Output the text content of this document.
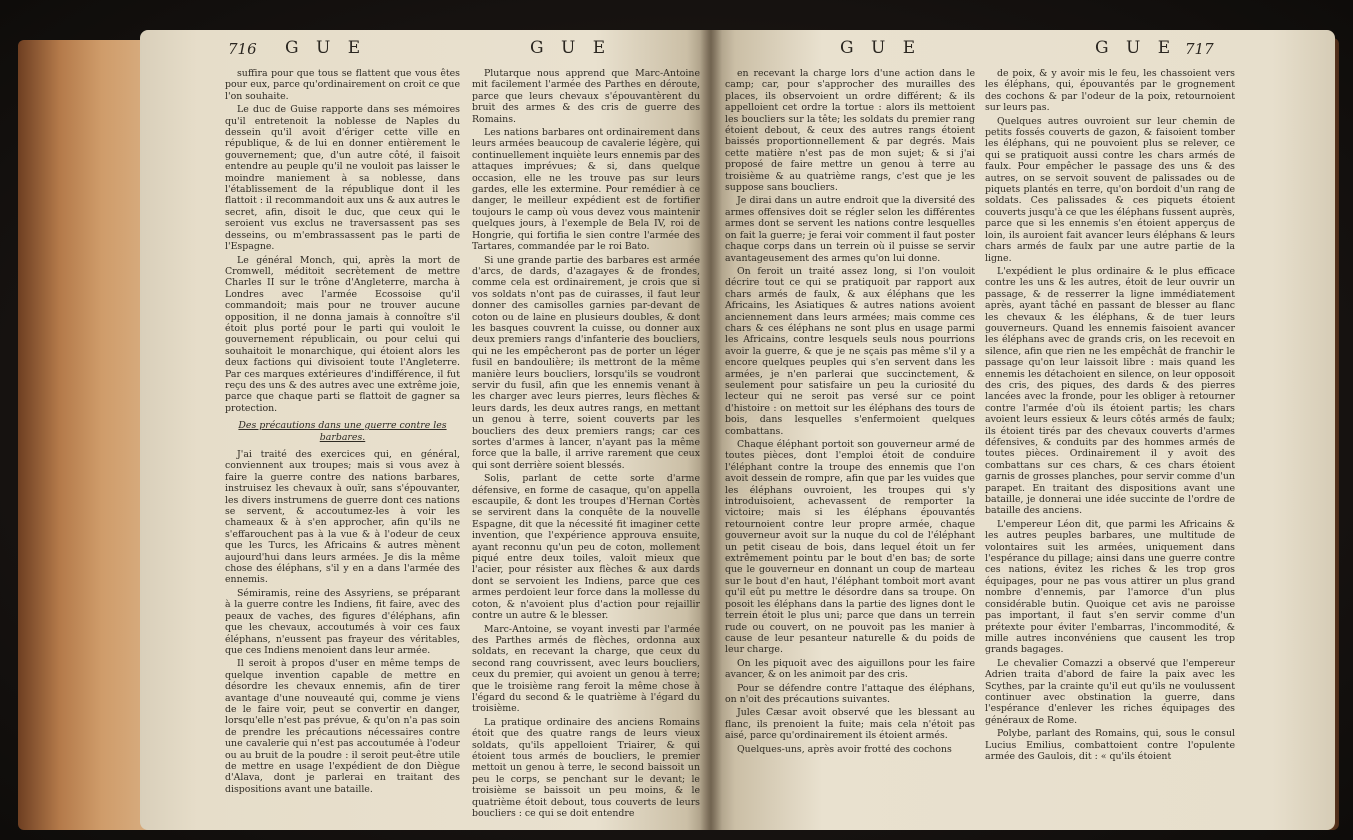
716 G U E	G U E	G U E	G U E 717

suffira pour que tous se flattent que vous êtes pour eux, parce qu'ordinairement on croit ce que l'on souhaite.

Le duc de Guise rapporte dans ses mémoires qu'il entretenoit la noblesse de Naples du dessein qu'il avoit d'ériger cette ville en république, & de lui en donner entièrement le gouvernement; que, d'un autre côté, il faisoit entendre au peuple qu'il ne vouloit pas laisser le moindre maniement à sa noblesse, dans l'établissement de la république dont il les flattoit : il recommandoit aux uns & aux autres le secret, afin, disoit le duc, que ceux qui le seroient vus exclus ne traversassent pas ses desseins, ou m'embrassassent pas le parti de l'Espagne.

Le général Monch, qui, après la mort de Cromwell, méditoit secrètement de mettre Charles II sur le trône d'Angleterre, marcha à Londres avec l'armée Ecossoise qu'il commandoit; mais pour ne trouver aucune opposition, il ne donna jamais à connoître s'il étoit plus porté pour le parti qui vouloit le gouvernement républicain, ou pour celui qui souhaitoit le monarchique, qui étoient alors les deux factions qui divisoient toute l'Angleterre. Par ces marques extérieures d'indifférence, il fut reçu des uns & des autres avec une extrême joie, parce que chaque parti se flattoit de gagner sa protection.

Des précautions dans une guerre contre les barbares.

J'ai traité des exercices qui, en général, conviennent aux troupes; mais si vous avez à faire la guerre contre des nations barbares, instruisez les chevaux à ouïr, sans s'épouvanter, les divers instrumens de guerre dont ces nations se servent, & accoutumez-les à voir les chameaux & à s'en approcher, afin qu'ils ne s'effarouchent pas à la vue & à l'odeur de ceux que les Turcs, les Africains & autres mènent aujourd'hui dans leurs armées. Je dis la même chose des éléphans, s'il y en a dans l'armée des ennemis.

Sémiramis, reine des Assyriens, se préparant à la guerre contre les Indiens, fit faire, avec des peaux de vaches, des figures d'éléphans, afin que les chevaux, accoutumés à voir ces faux éléphans, n'eussent pas frayeur des véritables, que ces Indiens menoient dans leur armée.

Il seroit à propos d'user en même temps de quelque invention capable de mettre en désordre les chevaux ennemis, afin de tirer avantage d'une nouveauté qui, comme je viens de le faire voir, peut se convertir en danger, lorsqu'elle n'est pas prévue, & qu'on n'a pas soin de prendre les précautions nécessaires contre une cavalerie qui n'est pas accoutumée à l'odeur ou au bruit de la poudre : il seroit peut-être utile de mettre en usage l'expédient de don Diègue d'Alava, dont je parlerai en traitant des dispositions avant une bataille.

Plutarque nous apprend que Marc-Antoine mit facilement l'armée des Parthes en déroute, parce que leurs chevaux s'épouvantèrent du bruit des armes & des cris de guerre des Romains.

Les nations barbares ont ordinairement dans leurs armées beaucoup de cavalerie légère, qui continuellement inquiète leurs ennemis par des attaques imprévues; & si, dans quelque occasion, elle ne les trouve pas sur leurs gardes, elle les extermine. Pour remédier à ce danger, le meilleur expédient est de fortifier toujours le camp où vous devez vous maintenir quelques jours, à l'exemple de Bela IV, roi de Hongrie, qui fortifia le sien contre l'armée des Tartares, commandée par le roi Bato.

Si une grande partie des barbares est armée d'arcs, de dards, d'azagayes & de frondes, comme cela est ordinairement, je crois que si vos soldats n'ont pas de cuirasses, il faut leur donner des camisolles garnies par-devant de coton ou de laine en plusieurs doubles, & dont les basques couvrent la cuisse, ou donner aux deux premiers rangs d'infanterie des boucliers, qui ne les empêcheront pas de porter un léger fusil en bandoulière; ils mettront de la même manière leurs boucliers, lorsqu'ils se voudront servir du fusil, afin que les ennemis venant à les charger avec leurs pierres, leurs flèches & leurs dards, les deux autres rangs, en mettant un genou à terre, soient couverts par les boucliers des deux premiers rangs; car ces sortes d'armes à lancer, n'ayant pas la même force que la balle, il arrive rarement que ceux qui sont derrière soient blessés.

Solis, parlant de cette sorte d'arme défensive, en forme de casaque, qu'on appella escaupile, & dont les troupes d'Hernan Cortès se servirent dans la conquête de la nouvelle Espagne, dit que la nécessité fit imaginer cette invention, que l'expérience approuva ensuite, ayant reconnu qu'un peu de coton, mollement piqué entre deux toiles, valoit mieux que l'acier, pour résister aux flèches & aux dards dont se servoient les Indiens, parce que ces armes perdoient leur force dans la mollesse du coton, & n'avoient plus d'action pour rejaillir contre un autre & le blesser.

Marc-Antoine, se voyant investi par l'armée des Parthes armés de flèches, ordonna aux soldats, en recevant la charge, que ceux du second rang couvrissent, avec leurs boucliers, ceux du premier, qui avoient un genou à terre; que le troisième rang feroit la même chose à l'égard du second & le quatrième à l'égard du troisième.

La pratique ordinaire des anciens Romains étoit que des quatre rangs de leurs vieux soldats, qu'ils appelloient Triairer, & qui étoient tous armés de boucliers, le premier mettoit un genou à terre, le second baissoit un peu le corps, se penchant sur le devant; le troisième se baissoit un peu moins, & le quatrième étoit debout, tous couverts de leurs boucliers : ce qui se doit entendre

en recevant la charge lors d'une action dans le camp; car, pour s'approcher des murailles des places, ils observoient un ordre différent; & ils appelloient cet ordre la tortue : alors ils mettoient les boucliers sur la tête; les soldats du premier rang étoient debout, & ceux des autres rangs étoient baissés proportionnellement & par degrés. Mais cette matière n'est pas de mon sujet; & si j'ai proposé de faire mettre un genou à terre au troisième & au quatrième rangs, c'est que je les suppose sans boucliers.

Je dirai dans un autre endroit que la diversité des armes offensives doit se régler selon les différentes armes dont se servent les nations contre lesquelles on fait la guerre; je ferai voir comment il faut poster chaque corps dans un terrein où il puisse se servir avantageusement des armes qu'on lui donne.

On feroit un traité assez long, si l'on vouloit décrire tout ce qui se pratiquoit par rapport aux chars armés de faulx, & aux éléphans que les Africains, les Asiatiques & autres nations avoient anciennement dans leurs armées; mais comme ces chars & ces éléphans ne sont plus en usage parmi les Africains, contre lesquels seuls nous pourrions avoir la guerre, & que je ne sçais pas même s'il y a encore quelques peuples qui s'en servent dans les armées, je n'en parlerai que succinctement, & seulement pour satisfaire un peu la curiosité du lecteur qui ne seroit pas versé sur ce point d'histoire : on mettoit sur les éléphans des tours de bois, dans lesquelles s'enfermoient quelques combattans.

Chaque éléphant portoit son gouverneur armé de toutes pièces, dont l'emploi étoit de conduire l'éléphant contre la troupe des ennemis que l'on avoit dessein de rompre, afin que par les vuides que les éléphans ouvroient, les troupes qui s'y introduisoient, achevassent de remporter la victoire; mais si les éléphans épouvantés retournoient contre leur propre armée, chaque gouverneur avoit sur la nuque du col de l'éléphant un petit ciseau de bois, dans lequel étoit un fer extrêmement pointu par le bout d'en bas; de sorte que le gouverneur en donnant un coup de marteau sur le bout d'en haut, l'éléphant tomboit mort avant qu'il eût pu mettre le désordre dans sa troupe. On posoit les éléphans dans la partie des lignes dont le terrein étoit le plus uni; parce que dans un terrein rude ou couvert, on ne pouvoit pas les manier à cause de leur pesanteur naturelle & du poids de leur charge.

On les piquoit avec des aiguillons pour les faire avancer, & on les animoit par des cris.

Pour se défendre contre l'attaque des éléphans, on n'oit des précautions suivantes.

Jules Cæsar avoit observé que les blessant au flanc, ils prenoient la fuite; mais cela n'étoit pas aisé, parce qu'ordinairement ils étoient armés.

Quelques-uns, après avoir frotté des cochons

de poix, & y avoir mis le feu, les chassoient vers les éléphans, qui, épouvantés par le grognement des cochons & par l'odeur de la poix, retournoient sur leurs pas.

Quelques autres ouvroient sur leur chemin de petits fossés couverts de gazon, & faisoient tomber les éléphans, qui ne pouvoient plus se relever, ce qui se pratiquoit aussi contre les chars armés de faulx. Pour empêcher le passage des uns & des autres, on se servoit souvent de palissades ou de piquets plantés en terre, qu'on bordoit d'un rang de soldats. Ces palissades & ces piquets étoient couverts jusqu'à ce que les éléphans fussent auprès, parce que si les ennemis s'en étoient apperçus de loin, ils auroient fait avancer leurs éléphans & leurs chars armés de faulx par une autre partie de la ligne.

L'expédient le plus ordinaire & le plus efficace contre les uns & les autres, étoit de leur ouvrir un passage, & de resserrer la ligne immédiatement après, ayant tâché en passant de blesser au flanc les chevaux & les éléphans, & de tuer leurs gouverneurs. Quand les ennemis faisoient avancer les éléphans avec de grands cris, on les recevoit en silence, afin que rien ne les empêchât de franchir le passage qu'on leur laissoit libre : mais quand les ennemis les détachoient en silence, on leur opposoit des cris, des piques, des dards & des pierres lancées avec la fronde, pour les obliger à retourner contre l'armée d'où ils étoient partis; les chars avoient leurs essieux & leurs côtés armés de faulx; ils étoient tirés par des chevaux couverts d'armes défensives, & conduits par des hommes armés de toutes pièces. Ordinairement il y avoit des combattans sur ces chars, & ces chars étoient garnis de grosses planches, pour servir comme d'un parapet. En traitant des dispositions avant une bataille, je donnerai une idée succinte de l'ordre de bataille des anciens.

L'empereur Léon dit, que parmi les Africains & les autres peuples barbares, une multitude de volontaires suit les armées, uniquement dans l'espérance du pillage; ainsi dans une guerre contre ces nations, évitez les riches & les trop gros équipages, pour ne pas vous attirer un plus grand nombre d'ennemis, par l'amorce d'un plus considérable butin. Quoique cet avis ne paroisse pas important, il faut s'en servir comme d'un prétexte pour éviter l'embarras, l'incommodité, & mille autres inconvéniens que causent les trop grands bagages.

Le chevalier Comazzi a observé que l'empereur Adrien traita d'abord de faire la paix avec les Scythes, par la crainte qu'il eut qu'ils ne voulussent continuer avec obstination la guerre, dans l'espérance d'enlever les riches équipages des généraux de Rome.

Polybe, parlant des Romains, qui, sous le consul Lucius Emilius, combattoient contre l'opulente armée des Gaulois, dit : « qu'ils étoient
